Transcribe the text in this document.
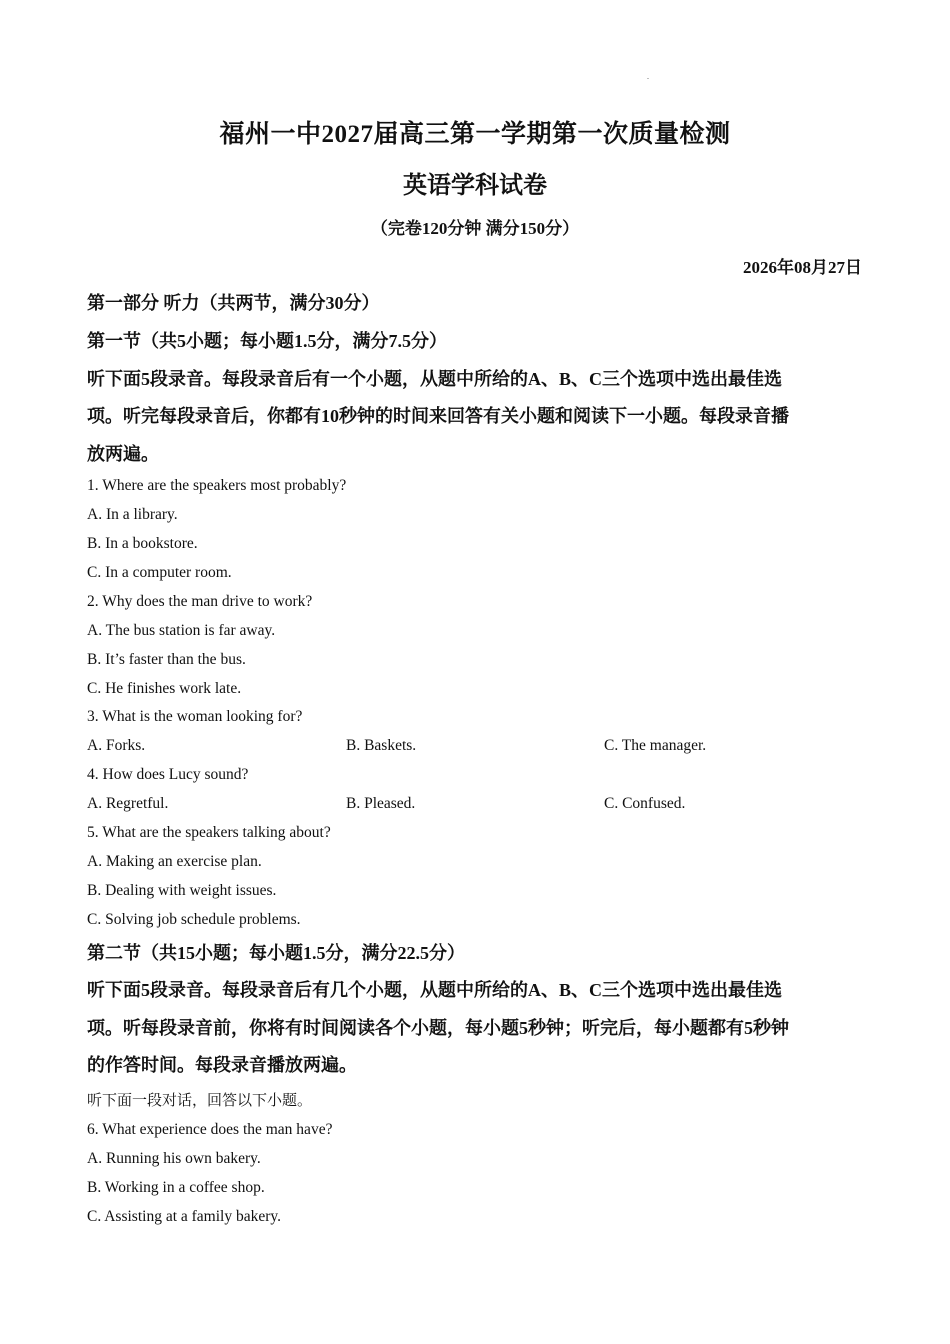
.
福州一中2027届高三第一学期第一次质量检测
英语学科试卷
（完卷120分钟 满分150分）
2026年08月27日
第一部分 听力（共两节，满分30分）
第一节（共5小题；每小题1.5分，满分7.5分）
听下面5段录音。每段录音后有一个小题，从题中所给的A、B、C三个选项中选出最佳选
项。听完每段录音后，你都有10秒钟的时间来回答有关小题和阅读下一小题。每段录音播
放两遍。
1. Where are the speakers most probably?
A. In a library.
B. In a bookstore.
C. In a computer room.
2. Why does the man drive to work?
A. The bus station is far away.
B. It’s faster than the bus.
C. He finishes work late.
3. What is the woman looking for?
A. Forks.	B. Baskets.	C. The manager.
4. How does Lucy sound?
A. Regretful.	B. Pleased.	C. Confused.
5. What are the speakers talking about?
A. Making an exercise plan.
B. Dealing with weight issues.
C. Solving job schedule problems.
第二节（共15小题；每小题1.5分，满分22.5分）
听下面5段录音。每段录音后有几个小题，从题中所给的A、B、C三个选项中选出最佳选
项。听每段录音前，你将有时间阅读各个小题，每小题5秒钟；听完后，每小题都有5秒钟
的作答时间。每段录音播放两遍。
听下面一段对话，回答以下小题。
6. What experience does the man have?
A. Running his own bakery.
B. Working in a coffee shop.
C. Assisting at a family bakery.
